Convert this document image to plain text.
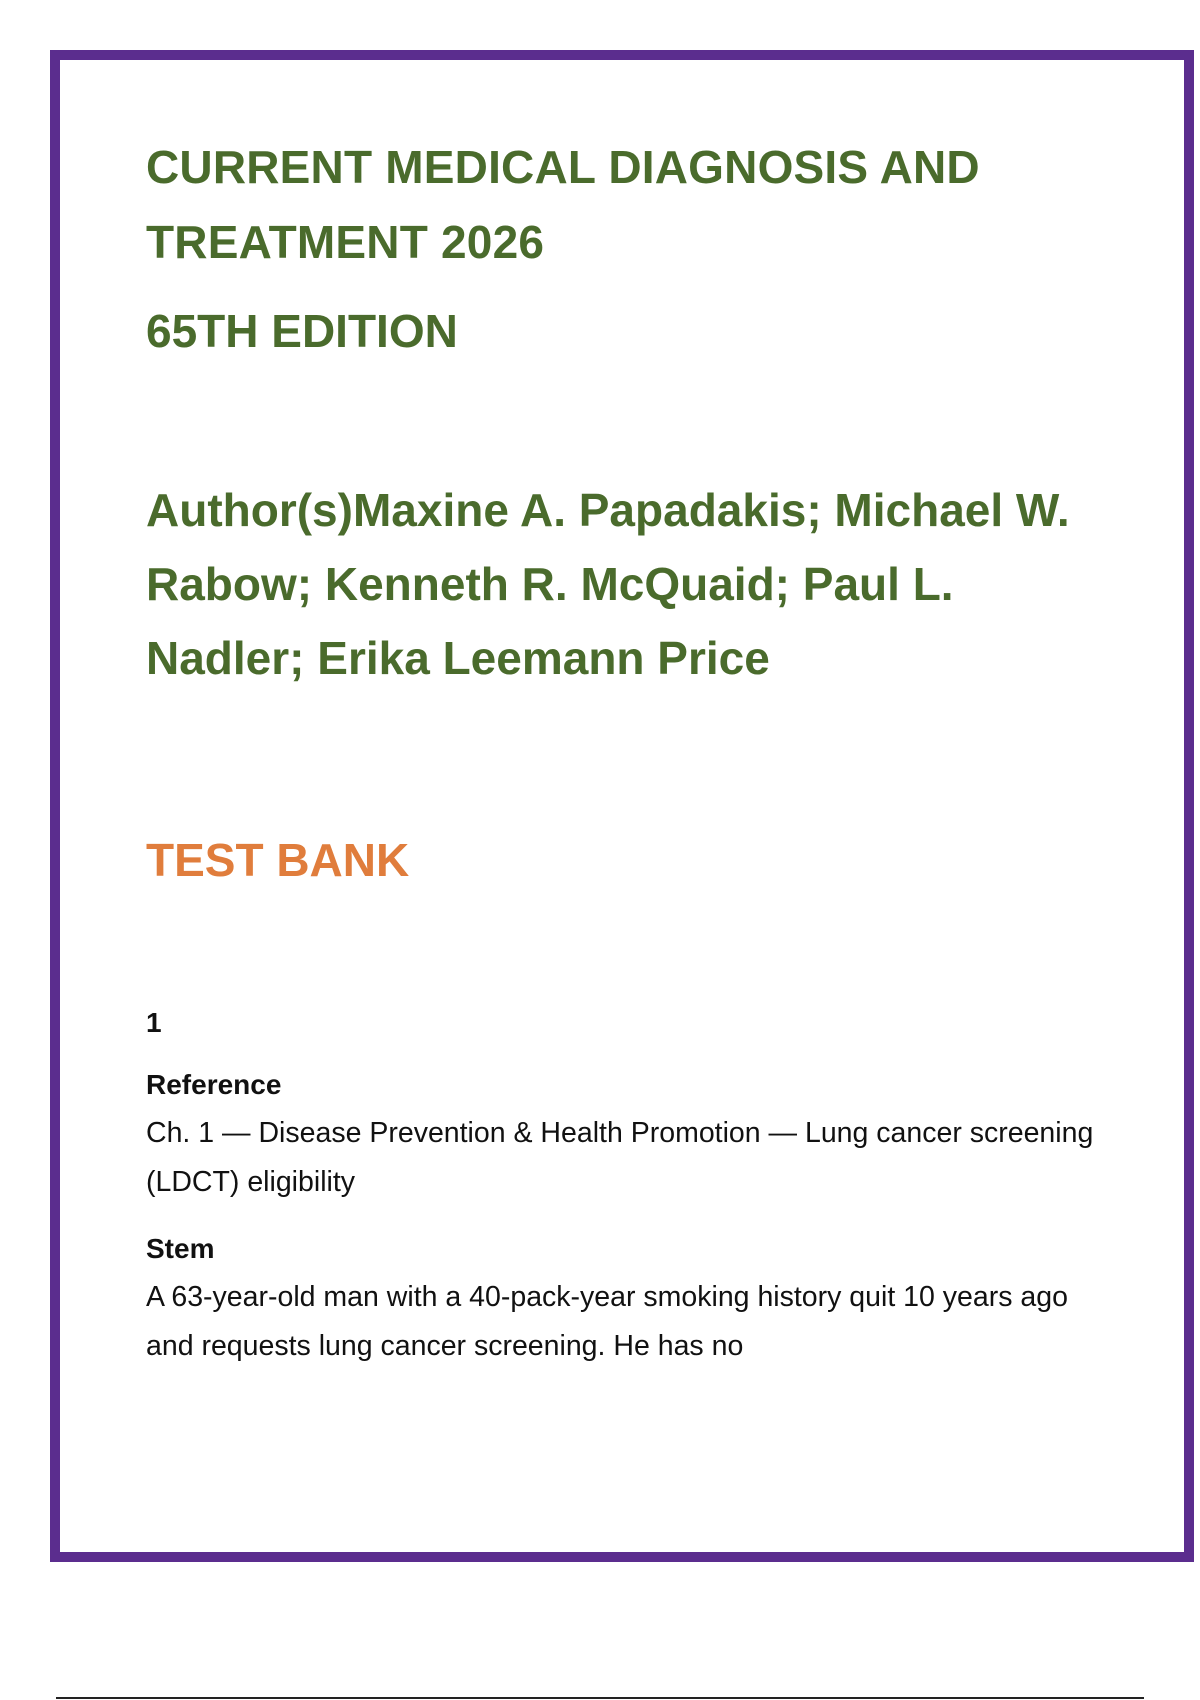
CURRENT MEDICAL DIAGNOSIS AND

TREATMENT 2026

65TH EDITION

Author(s)Maxine A. Papadakis; Michael W. Rabow; Kenneth R. McQuaid; Paul L. Nadler; Erika Leemann Price

TEST BANK

1

Reference

Ch. 1 — Disease Prevention & Health Promotion — Lung cancer screening (LDCT) eligibility

Stem

A 63-year-old man with a 40-pack-year smoking history quit 10 years ago and requests lung cancer screening. He has no
